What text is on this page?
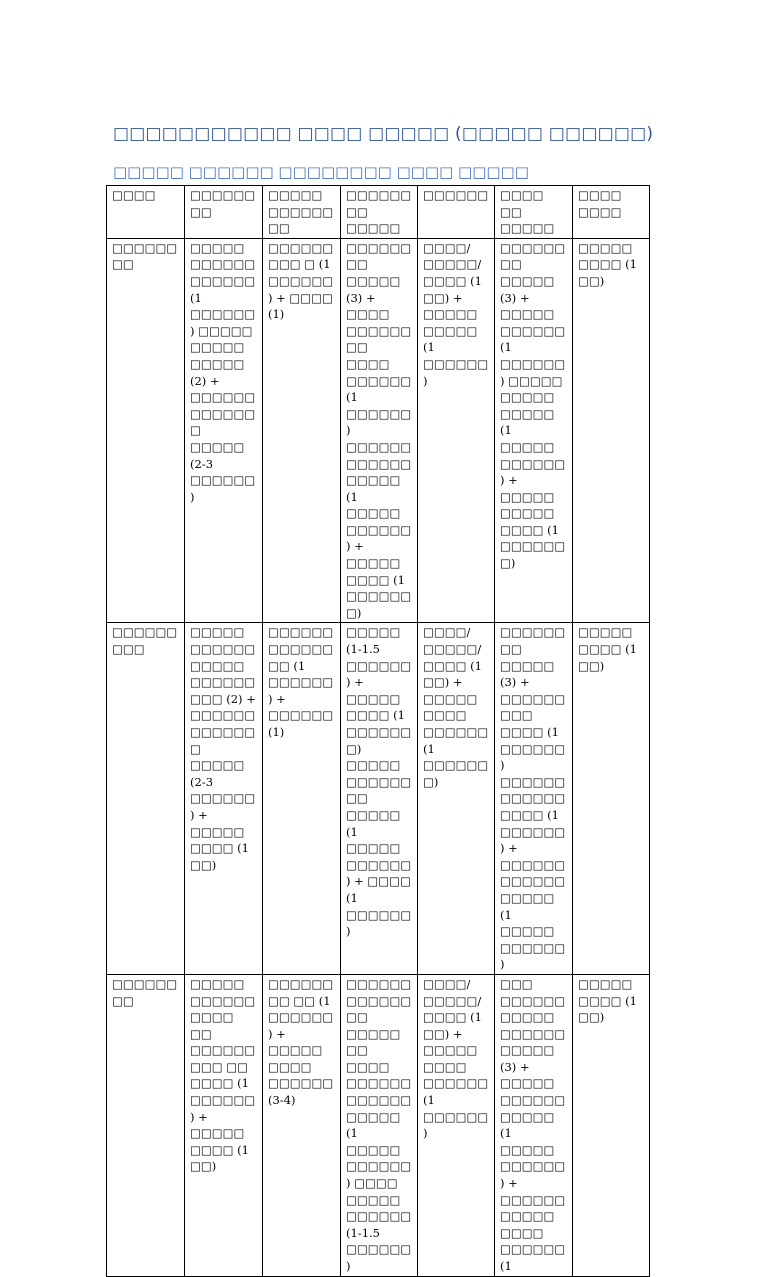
□□□□□□□□□□□ □□□□ □□□□□ (□□□□□ □□□□□□)
□□□□□ □□□□□□ □□□□□□□□ □□□□ □□□□□
□□□□	□□□□□□□□	□□□□□ □□□□□□□□	□□□□□□ □□ □□□□□	□□□□□□	□□□□ □□ □□□□□	□□□□ □□□□
□□□□□□□□	□□□□□ □□□□□□ □□□□□□ (1 □□□□□□) □□□□□ □□□□□ □□□□□ (2) + □□□□□□ □□□□□□□ □□□□□ (2-3 □□□□□□)	□□□□□□□□□ □ (1 □□□□□□) + □□□□ (1)	□□□□□□ □□ □□□□□ (3) + □□□□ □□□□□□□□ □□□□ □□□□□□ (1 □□□□□□) □□□□□□ □□□□□□ □□□□□ (1 □□□□□ □□□□□□) + □□□□□ □□□□ (1 □□□□□□□)	□□□□/ □□□□□/ □□□□ (1 □□) + □□□□□ □□□□□ (1 □□□□□□)	□□□□□□ □□ □□□□□ (3) + □□□□□ □□□□□□ (1 □□□□□□) □□□□□ □□□□□ □□□□□ (1 □□□□□ □□□□□□) + □□□□□ □□□□□ □□□□ (1 □□□□□□□)	□□□□□ □□□□ (1 □□)
□□□□□□□□□	□□□□□ □□□□□□ □□□□□ □□□□□□□□□ (2) + □□□□□□ □□□□□□□ □□□□□ (2-3 □□□□□□) + □□□□□ □□□□ (1 □□)	□□□□□□ □□□□□□□□ (1 □□□□□□) + □□□□□□ (1)	□□□□□ (1-1.5 □□□□□□) + □□□□□ □□□□ (1 □□□□□□□) □□□□□ □□□□□□□□ □□□□□ (1 □□□□□ □□□□□□) + □□□□ (1 □□□□□□)	□□□□/ □□□□□/ □□□□ (1 □□) + □□□□□ □□□□ □□□□□□ (1 □□□□□□□)	□□□□□□ □□ □□□□□ (3) + □□□□□□□□□ □□□□ (1 □□□□□□) □□□□□□ □□□□□□ □□□□ (1 □□□□□□) + □□□□□□ □□□□□□ □□□□□ (1 □□□□□ □□□□□□)	□□□□□ □□□□ (1 □□)
□□□□□□□□	□□□□□ □□□□□□ □□□□ □□ □□□□□□□□□ □□ □□□□ (1 □□□□□□) + □□□□□ □□□□ (1 □□)	□□□□□□ □□ □□ (1 □□□□□□) + □□□□□ □□□□ □□□□□□ (3-4)	□□□□□□ □□□□□□□□ □□□□□ □□ □□□□ □□□□□□ □□□□□□ □□□□□ (1 □□□□□ □□□□□□) □□□□ □□□□□ □□□□□□ (1-1.5 □□□□□□)	□□□□/ □□□□□/ □□□□ (1 □□) + □□□□□ □□□□ □□□□□□ (1 □□□□□□)	□□□ □□□□□□ □□□□□ □□□□□□ □□□□□ (3) + □□□□□ □□□□□□ □□□□□ (1 □□□□□ □□□□□□) + □□□□□□ □□□□□ □□□□ □□□□□□ (1	□□□□□ □□□□ (1 □□)
